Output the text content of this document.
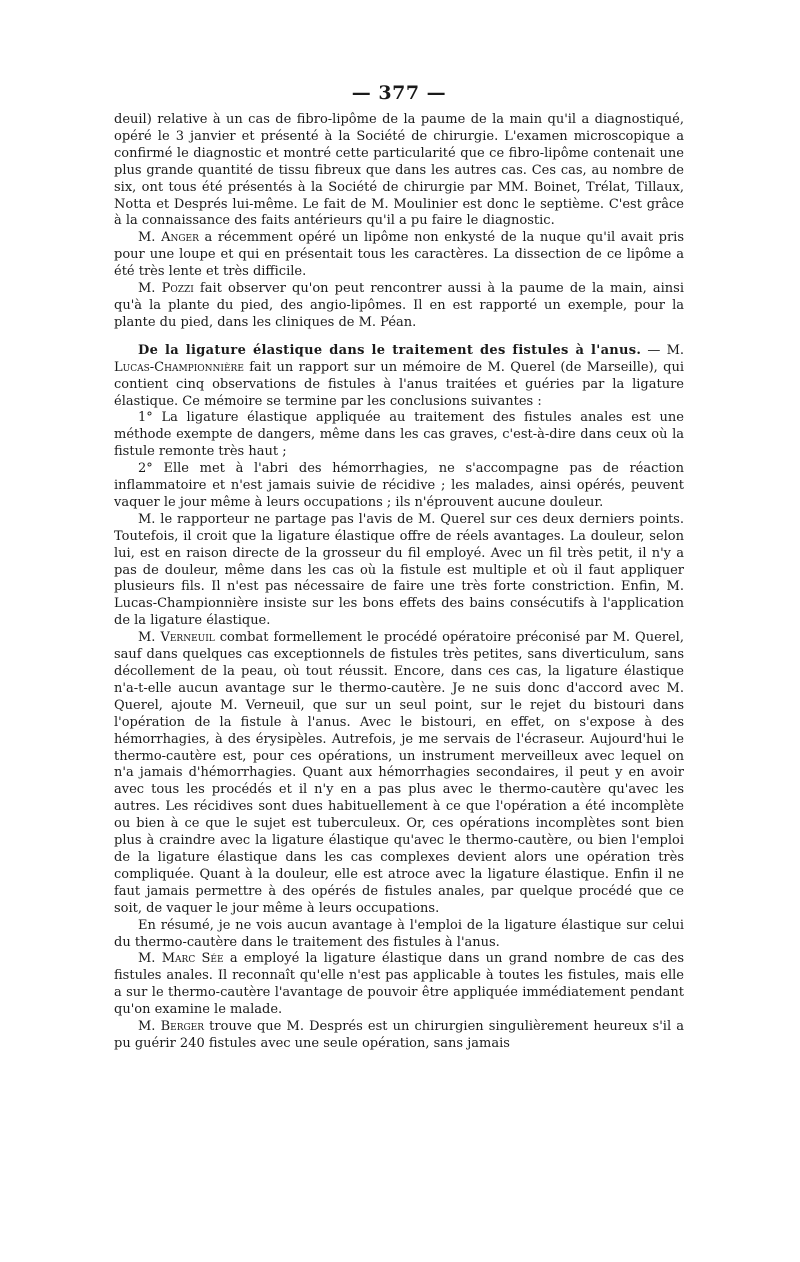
— 377 —

deuil) relative à un cas de fibro-lipôme de la paume de la main qu'il a diagnostiqué, opéré le 3 janvier et présenté à la Société de chirurgie. L'examen microscopique a confirmé le diagnostic et montré cette particularité que ce fibro-lipôme contenait une plus grande quantité de tissu fibreux que dans les autres cas. Ces cas, au nombre de six, ont tous été présentés à la Société de chirurgie par MM. Boinet, Trélat, Tillaux, Notta et Després lui-même. Le fait de M. Moulinier est donc le septième. C'est grâce à la connaissance des faits antérieurs qu'il a pu faire le diagnostic.

M. Anger a récemment opéré un lipôme non enkysté de la nuque qu'il avait pris pour une loupe et qui en présentait tous les caractères. La dissection de ce lipôme a été très lente et très difficile.

M. Pozzi fait observer qu'on peut rencontrer aussi à la paume de la main, ainsi qu'à la plante du pied, des angio-lipômes. Il en est rapporté un exemple, pour la plante du pied, dans les cliniques de M. Péan.

De la ligature élastique dans le traitement des fistules à l'anus. — M. Lucas-Championnière fait un rapport sur un mémoire de M. Querel (de Marseille), qui contient cinq observations de fistules à l'anus traitées et guéries par la ligature élastique. Ce mémoire se termine par les conclusions suivantes :

1° La ligature élastique appliquée au traitement des fistules anales est une méthode exempte de dangers, même dans les cas graves, c'est-à-dire dans ceux où la fistule remonte très haut ;

2° Elle met à l'abri des hémorrhagies, ne s'accompagne pas de réaction inflammatoire et n'est jamais suivie de récidive ; les malades, ainsi opérés, peuvent vaquer le jour même à leurs occupations ; ils n'éprouvent aucune douleur.

M. le rapporteur ne partage pas l'avis de M. Querel sur ces deux derniers points. Toutefois, il croit que la ligature élastique offre de réels avantages. La douleur, selon lui, est en raison directe de la grosseur du fil employé. Avec un fil très petit, il n'y a pas de douleur, même dans les cas où la fistule est multiple et où il faut appliquer plusieurs fils. Il n'est pas nécessaire de faire une très forte constriction. Enfin, M. Lucas-Championnière insiste sur les bons effets des bains consécutifs à l'application de la ligature élastique.

M. Verneuil combat formellement le procédé opératoire préconisé par M. Querel, sauf dans quelques cas exceptionnels de fistules très petites, sans diverticulum, sans décollement de la peau, où tout réussit. Encore, dans ces cas, la ligature élastique n'a-t-elle aucun avantage sur le thermo-cautère. Je ne suis donc d'accord avec M. Querel, ajoute M. Verneuil, que sur un seul point, sur le rejet du bistouri dans l'opération de la fistule à l'anus. Avec le bistouri, en effet, on s'expose à des hémorrhagies, à des érysipèles. Autrefois, je me servais de l'écraseur. Aujourd'hui le thermo-cautère est, pour ces opérations, un instrument merveilleux avec lequel on n'a jamais d'hémorrhagies. Quant aux hémorrhagies secondaires, il peut y en avoir avec tous les procédés et il n'y en a pas plus avec le thermo-cautère qu'avec les autres. Les récidives sont dues habituellement à ce que l'opération a été incomplète ou bien à ce que le sujet est tuberculeux. Or, ces opérations incomplètes sont bien plus à craindre avec la ligature élastique qu'avec le thermo-cautère, ou bien l'emploi de la ligature élastique dans les cas complexes devient alors une opération très compliquée. Quant à la douleur, elle est atroce avec la ligature élastique. Enfin il ne faut jamais permettre à des opérés de fistules anales, par quelque procédé que ce soit, de vaquer le jour même à leurs occupations.

En résumé, je ne vois aucun avantage à l'emploi de la ligature élastique sur celui du thermo-cautère dans le traitement des fistules à l'anus.

M. Marc Sée a employé la ligature élastique dans un grand nombre de cas des fistules anales. Il reconnaît qu'elle n'est pas applicable à toutes les fistules, mais elle a sur le thermo-cautère l'avantage de pouvoir être appliquée immédiatement pendant qu'on examine le malade.

M. Berger trouve que M. Després est un chirurgien singulièrement heureux s'il a pu guérir 240 fistules avec une seule opération, sans jamais
